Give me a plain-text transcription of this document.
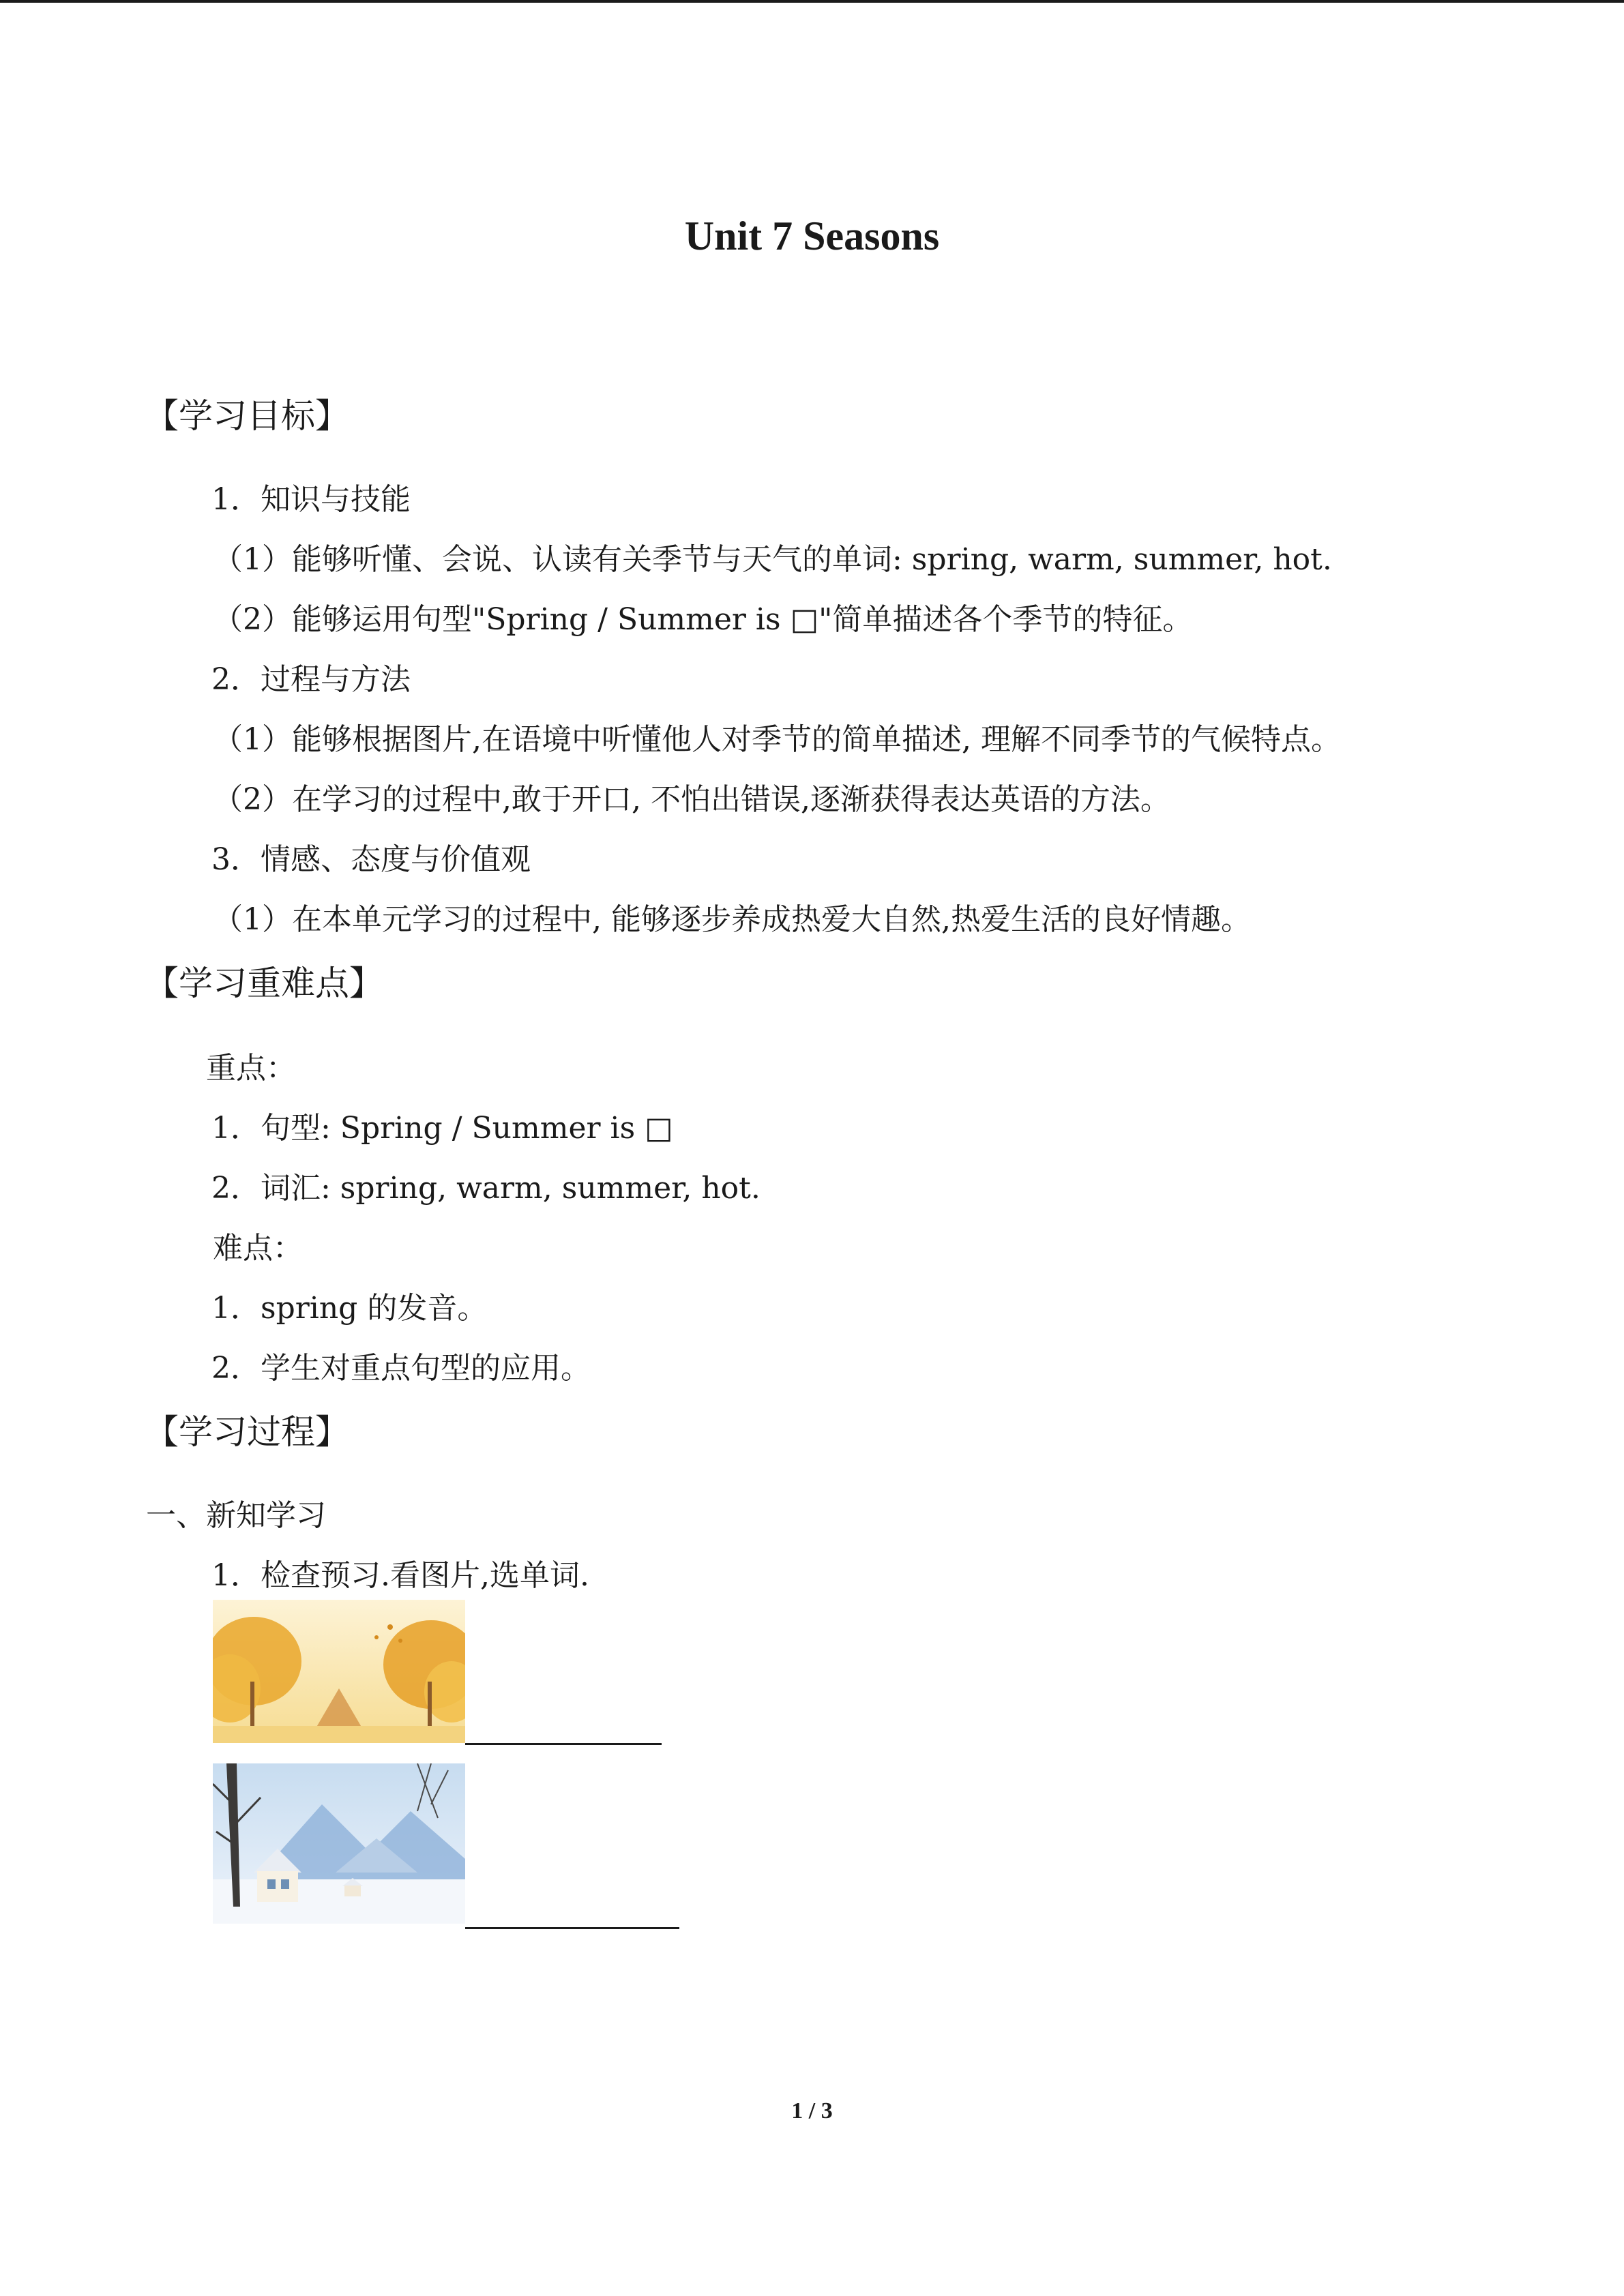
Unit 7 Seasons
【学习目标】
1．知识与技能
（1）能够听懂、会说、认读有关季节与天气的单词: spring, warm, summer, hot.
（2）能够运用句型"Spring / Summer is □"简单描述各个季节的特征。
2．过程与方法
（1）能够根据图片,在语境中听懂他人对季节的简单描述, 理解不同季节的气候特点。
（2）在学习的过程中,敢于开口, 不怕出错误,逐渐获得表达英语的方法。
3．情感、态度与价值观
（1）在本单元学习的过程中, 能够逐步养成热爱大自然,热爱生活的良好情趣。
【学习重难点】
重点：
1．句型: Spring / Summer is □
2．词汇: spring, warm, summer, hot.
难点：
1．spring 的发音。
2．学生对重点句型的应用。
【学习过程】
一、新知学习
1．检查预习.看图片,选单词.
1 / 3
